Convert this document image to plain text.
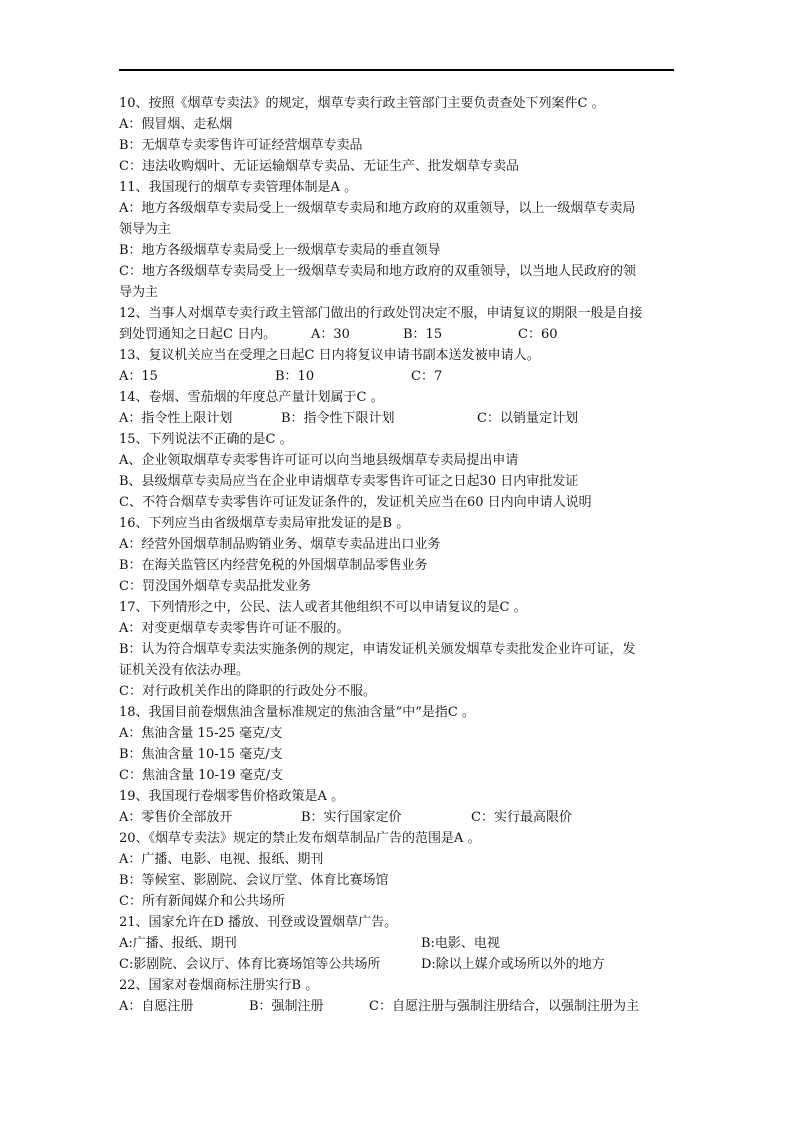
10、按照《烟草专卖法》的规定，烟草专卖行政主管部门主要负责查处下列案件C 。
A：假冒烟、走私烟
B：无烟草专卖零售许可证经营烟草专卖品
C：违法收购烟叶、无证运输烟草专卖品、无证生产、批发烟草专卖品
11、我国现行的烟草专卖管理体制是A 。
A：地方各级烟草专卖局受上一级烟草专卖局和地方政府的双重领导，以上一级烟草专卖局
领导为主
B：地方各级烟草专卖局受上一级烟草专卖局的垂直领导
C：地方各级烟草专卖局受上一级烟草专卖局和地方政府的双重领导，以当地人民政府的领
导为主
12、当事人对烟草专卖行政主管部门做出的行政处罚决定不服，申请复议的期限一般是自接
到处罚通知之日起C 日内。	A：30	B：15	C：60
13、复议机关应当在受理之日起C 日内将复议申请书副本送发被申请人。
A：15	B：10	C：7
14、卷烟、雪茄烟的年度总产量计划属于C 。
A：指令性上限计划	B：指令性下限计划	C：以销量定计划
15、下列说法不正确的是C 。
A、企业领取烟草专卖零售许可证可以向当地县级烟草专卖局提出申请
B、县级烟草专卖局应当在企业申请烟草专卖零售许可证之日起30 日内审批发证
C、不符合烟草专卖零售许可证发证条件的，发证机关应当在60 日内向申请人说明
16、下列应当由省级烟草专卖局审批发证的是B 。
A：经营外国烟草制品购销业务、烟草专卖品进出口业务
B：在海关监管区内经营免税的外国烟草制品零售业务
C：罚没国外烟草专卖品批发业务
17、下列情形之中，公民、法人或者其他组织不可以申请复议的是C 。
A：对变更烟草专卖零售许可证不服的。
B：认为符合烟草专卖法实施条例的规定，申请发证机关颁发烟草专卖批发企业许可证，发
证机关没有依法办理。
C：对行政机关作出的降职的行政处分不服。
18、我国目前卷烟焦油含量标准规定的焦油含量“中”是指C 。
A：焦油含量 15-25 毫克/支
B：焦油含量 10-15 毫克/支
C：焦油含量 10-19 毫克/支
19、我国现行卷烟零售价格政策是A 。
A：零售价全部放开	B：实行国家定价	C：实行最高限价
20、《烟草专卖法》规定的禁止发布烟草制品广告的范围是A 。
A：广播、电影、电视、报纸、期刊
B：等候室、影剧院、会议厅堂、体育比赛场馆
C：所有新闻媒介和公共场所
21、国家允许在D 播放、刊登或设置烟草广告。
A:广播、报纸、期刊	B:电影、电视
C:影剧院、会议厅、体育比赛场馆等公共场所	D:除以上媒介或场所以外的地方
22、国家对卷烟商标注册实行B 。
A：自愿注册	B：强制注册	C：自愿注册与强制注册结合，以强制注册为主
